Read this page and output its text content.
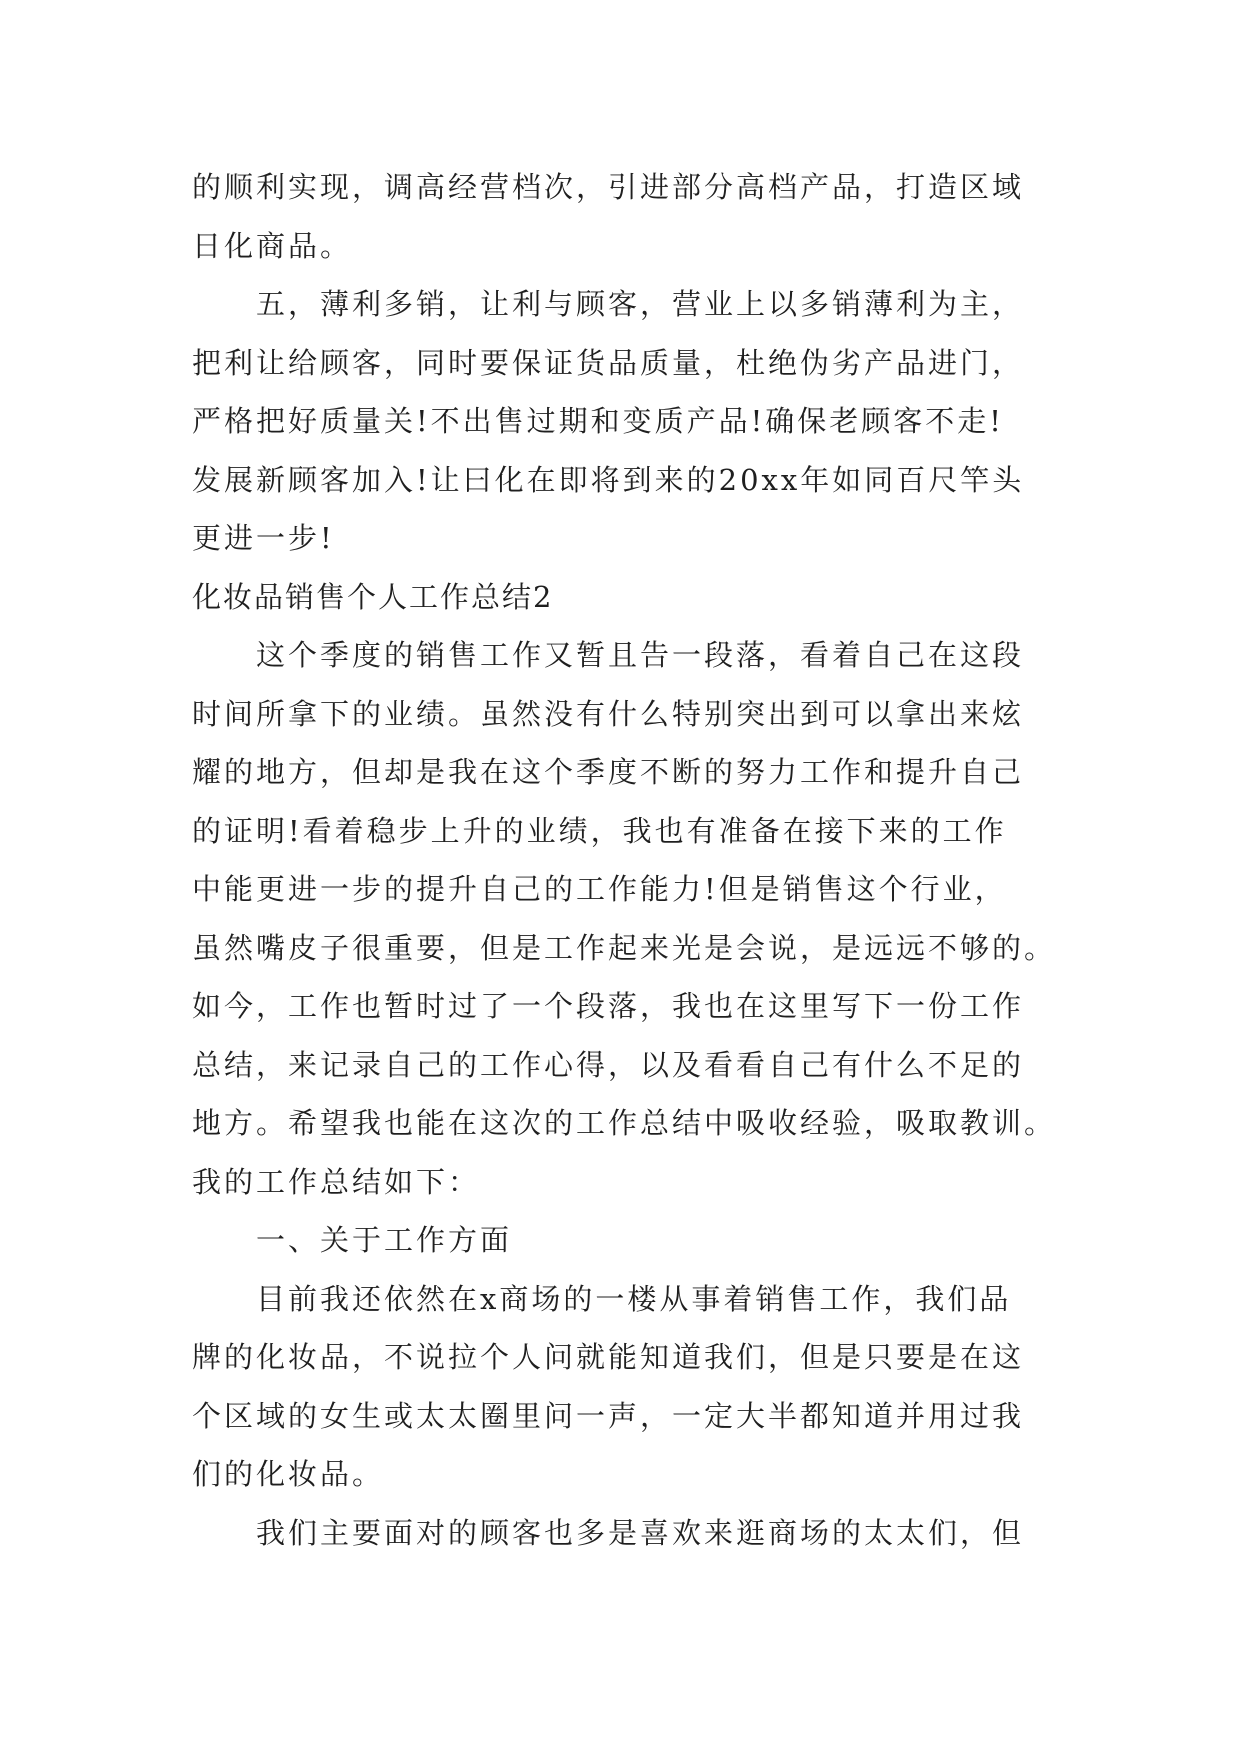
的顺利实现，调高经营档次，引进部分高档产品，打造区域
日化商品。
五，薄利多销，让利与顾客，营业上以多销薄利为主，
把利让给顾客，同时要保证货品质量，杜绝伪劣产品进门，
严格把好质量关!不出售过期和变质产品!确保老顾客不走!
发展新顾客加入!让曰化在即将到来的20xx年如同百尺竿头
更进一步!
化妆品销售个人工作总结2
这个季度的销售工作又暂且告一段落，看着自己在这段
时间所拿下的业绩。虽然没有什么特别突出到可以拿出来炫
耀的地方，但却是我在这个季度不断的努力工作和提升自己
的证明!看着稳步上升的业绩，我也有准备在接下来的工作
中能更进一步的提升自己的工作能力!但是销售这个行业，
虽然嘴皮子很重要，但是工作起来光是会说，是远远不够的。
如今，工作也暂时过了一个段落，我也在这里写下一份工作
总结，来记录自己的工作心得，以及看看自己有什么不足的
地方。希望我也能在这次的工作总结中吸收经验，吸取教训。
我的工作总结如下：
一、关于工作方面
目前我还依然在x商场的一楼从事着销售工作，我们品
牌的化妆品，不说拉个人问就能知道我们，但是只要是在这
个区域的女生或太太圈里问一声，一定大半都知道并用过我
们的化妆品。
我们主要面对的顾客也多是喜欢来逛商场的太太们，但
